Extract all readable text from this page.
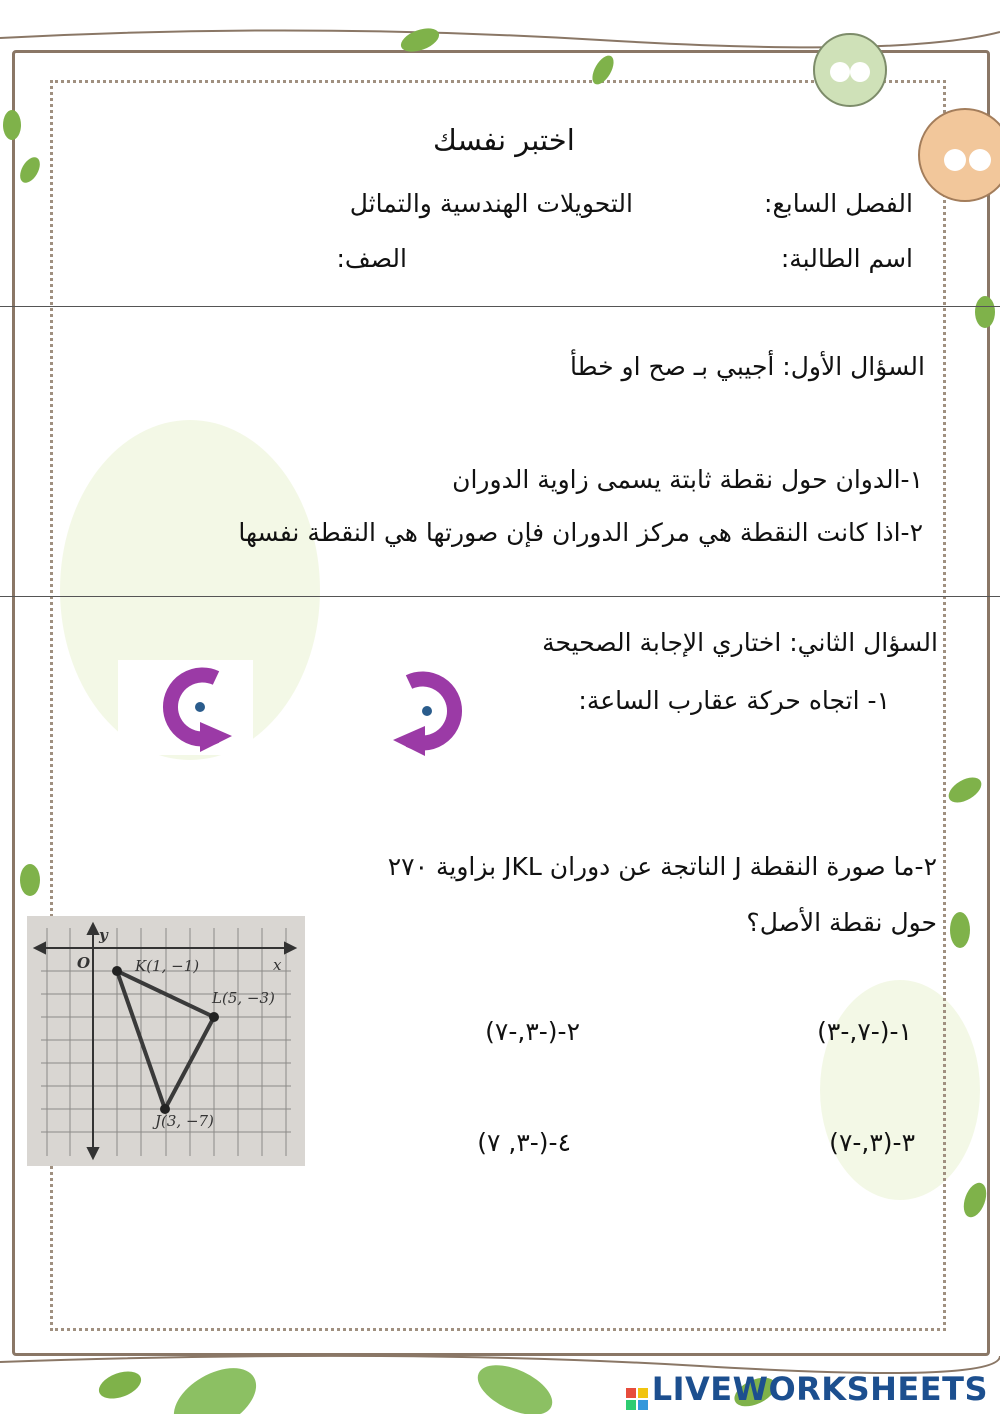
اختبر نفسك
الفصل السابع:
التحويلات الهندسية والتماثل
اسم الطالبة:
الصف:
السؤال الأول: أجيبي بـ صح او خطأ
١-الدوان حول نقطة ثابتة يسمى زاوية الدوران
٢-اذا كانت النقطة هي مركز الدوران فإن صورتها هي النقطة نفسها
السؤال الثاني: اختاري الإجابة الصحيحة
١- اتجاه حركة عقارب الساعة:
٢-ما صورة النقطة J الناتجة عن دوران JKL بزاوية ٢٧٠
حول نقطة الأصل؟
y
O	x
K(1, −1)
L(5, −3)
J(3, −7)
١-(-٧,-٣)
٢-(-٣,-٧)
٣-(٣,-٧)
٤-(-٣, ٧)
LIVEWORKSHEETS
